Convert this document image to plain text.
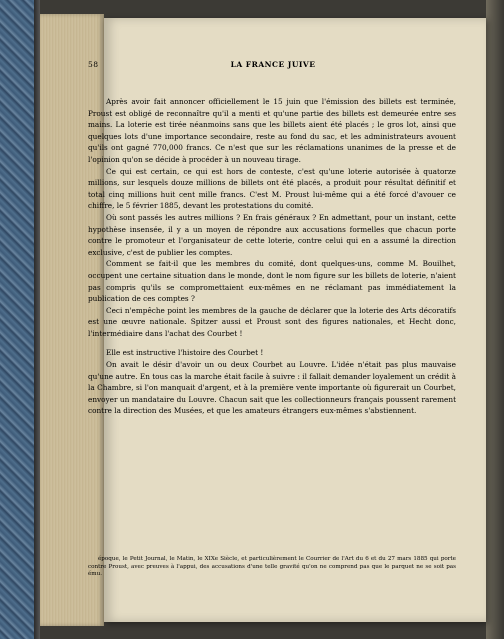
58	LA FRANCE JUIVE

Après avoir fait annoncer officiellement le 15 juin que l'émission des billets est terminée, Proust est obligé de reconnaître qu'il a menti et qu'une partie des billets est demeurée entre ses mains. La loterie est tirée néanmoins sans que les billets aient été placés ; le gros lot, ainsi que quelques lots d'une importance secondaire, reste au fond du sac, et les administrateurs avouent qu'ils ont gagné 770,000 francs. Ce n'est que sur les réclamations unanimes de la presse et de l'opinion qu'on se décide à procéder à un nouveau tirage.

Ce qui est certain, ce qui est hors de conteste, c'est qu'une loterie autorisée à quatorze millions, sur lesquels douze millions de billets ont été placés, a produit pour résultat définitif et total cinq millions huit cent mille francs. C'est M. Proust lui-même qui a été forcé d'avouer ce chiffre, le 5 février 1885, devant les protestations du comité.

Où sont passés les autres millions ? En frais généraux ? En admettant, pour un instant, cette hypothèse insensée, il y a un moyen de répondre aux accusations formelles que chacun porte contre le promoteur et l'organisateur de cette loterie, contre celui qui en a assumé la direction exclusive, c'est de publier les comptes.

Comment se fait-il que les membres du comité, dont quelques-uns, comme M. Bouilhet, occupent une certaine situation dans le monde, dont le nom figure sur les billets de loterie, n'aient pas compris qu'ils se compromettaient eux-mêmes en ne réclamant pas immédiatement la publication de ces comptes ?

Ceci n'empêche point les membres de la gauche de déclarer que la loterie des Arts décoratifs est une œuvre nationale. Spitzer aussi et Proust sont des figures nationales, et Hecht donc, l'intermédiaire dans l'achat des Courbet !

Elle est instructive l'histoire des Courbet !

On avait le désir d'avoir un ou deux Courbet au Louvre. L'idée n'était pas plus mauvaise qu'une autre. En tous cas la marche était facile à suivre : il fallait demander loyalement un crédit à la Chambre, si l'on manquait d'argent, et à la première vente importante où figurerait un Courbet, envoyer un mandataire du Louvre. Chacun sait que les collectionneurs français poussent rarement contre la direction des Musées, et que les amateurs étrangers eux-mêmes s'abstiennent.

époque, le Petit Journal, le Matin, le XIXe Siècle, et particulièrement le Courrier de l'Art du 6 et du 27 mars 1885 qui porte contre Proust, avec preuves à l'appui, des accusations d'une telle gravité qu'on ne comprend pas que le parquet ne se soit pas ému.
